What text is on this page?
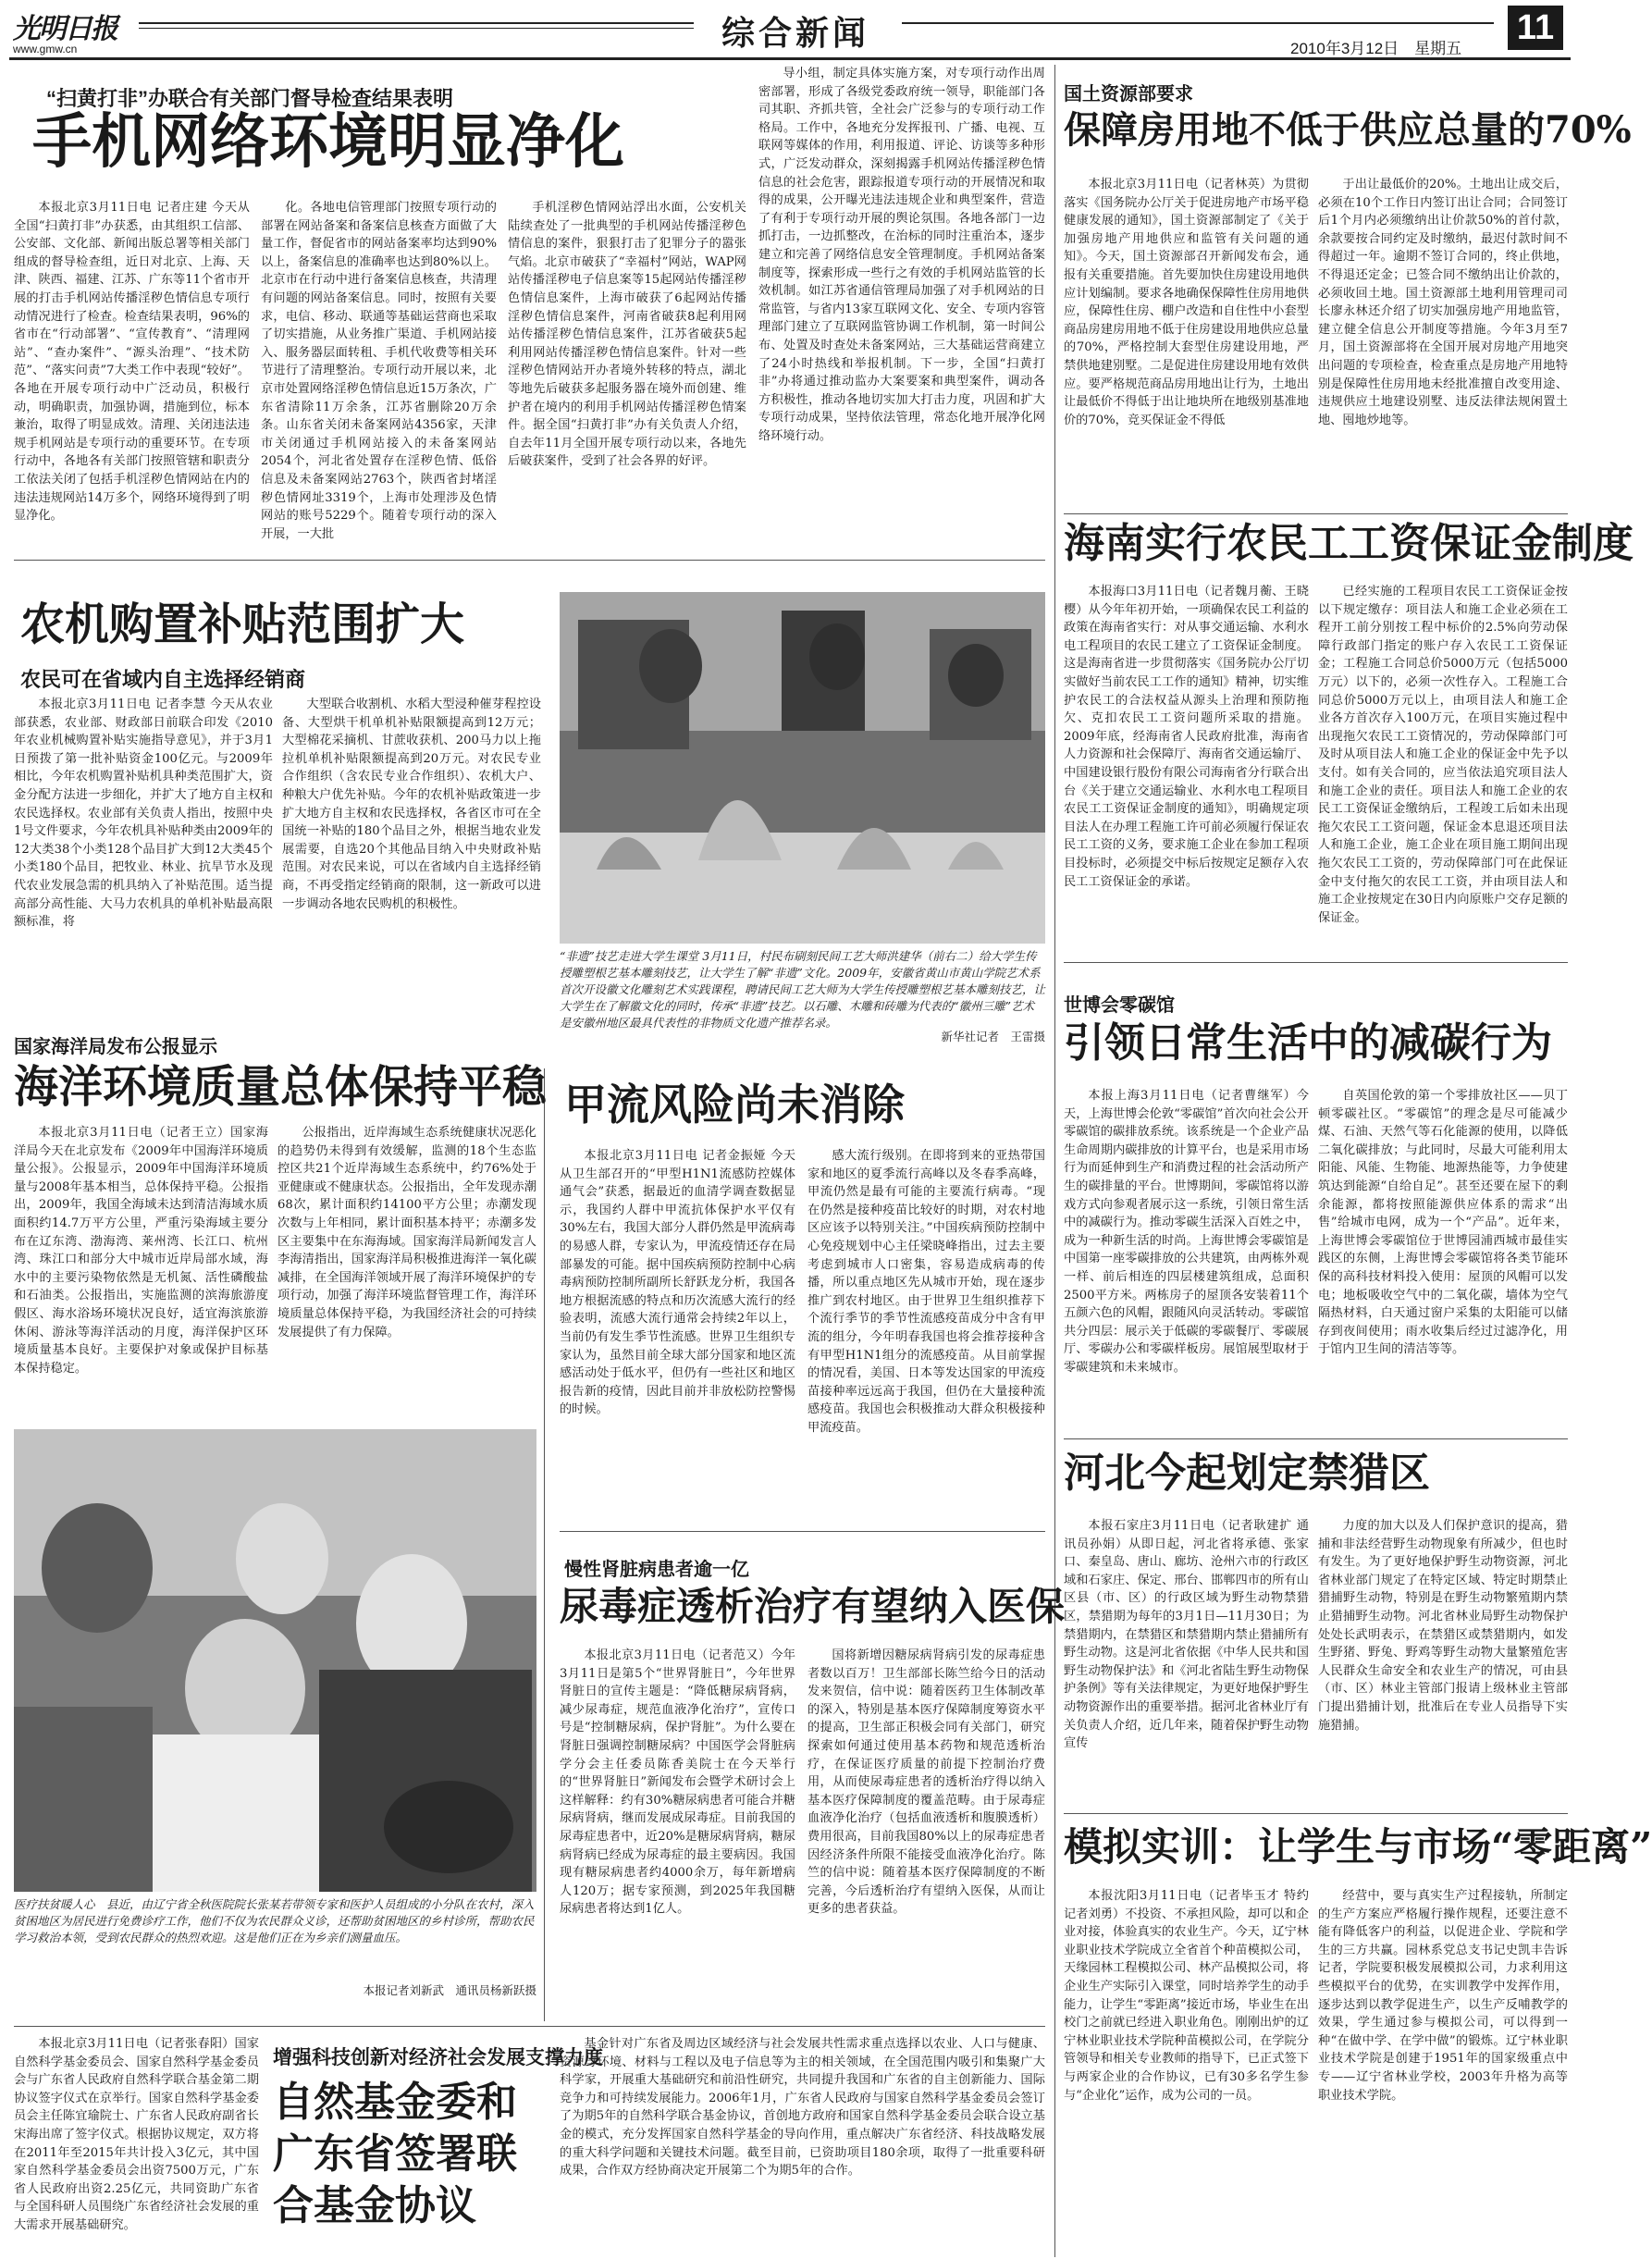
光明日报
www.gmw.cn	综合新闻	2010年3月12日　星期五
11
“扫黄打非”办联合有关部门督导检查结果表明
手机网络环境明显净化
本报北京3月11日电 记者庄建 今天从全国“扫黄打非”办获悉，由其组织工信部、公安部、文化部、新闻出版总署等相关部门组成的督导检查组，近日对北京、上海、天津、陕西、福建、江苏、广东等11个省市开展的打击手机网站传播淫秽色情信息专项行动情况进行了检查。检查结果表明，96%的省市在“行动部署”、“宣传教育”、“清理网站”、“查办案件”、“源头治理”、“技术防范”、“落实问责”7大类工作中表现“较好”。各地在开展专项行动中广泛动员，积极行动，明确职责，加强协调，措施到位，标本兼治，取得了明显成效。清理、关闭违法违规手机网站是专项行动的重要环节。在专项行动中，各地各有关部门按照管辖和职责分工依法关闭了包括手机淫秽色情网站在内的违法违规网站14万多个，网络环境得到了明显净化。
化。各地电信管理部门按照专项行动的部署在网站备案和备案信息核查方面做了大量工作，督促省市的网站备案率均达到90%以上，备案信息的准确率也达到80%以上。北京市在行动中进行备案信息核查，共清理有问题的网站备案信息。同时，按照有关要求，电信、移动、联通等基础运营商也采取了切实措施，从业务推广渠道、手机网站接入、服务器层面转租、手机代收费等相关环节进行了清理整治。专项行动开展以来，北京市处置网络淫秽色情信息近15万条次，广东省清除11万余条，江苏省删除20万余条。山东省关闭未备案网站4356家，天津市关闭通过手机网站接入的未备案网站2054个，河北省处置存在淫秽色情、低俗信息及未备案网站2763个，陕西省封堵淫秽色情网址3319个，上海市处理涉及色情网站的账号5229个。随着专项行动的深入开展，一大批
手机淫秽色情网站浮出水面，公安机关陆续查处了一批典型的手机网站传播淫秽色情信息的案件，狠狠打击了犯罪分子的嚣张气焰。北京市破获了“幸福村”网站，WAP网站传播淫秽电子信息案等15起网站传播淫秽色情信息案件，上海市破获了6起网站传播淫秽色情信息案件，河南省破获8起利用网站传播淫秽色情信息案件，江苏省破获5起利用网站传播淫秽色情信息案件。针对一些淫秽色情网站开办者境外转移的特点，湖北等地先后破获多起服务器在境外而创建、维护者在境内的利用手机网站传播淫秽色情案件。据全国“扫黄打非”办有关负责人介绍，自去年11月全国开展专项行动以来，各地先后破获案件，受到了社会各界的好评。
导小组，制定具体实施方案，对专项行动作出周密部署，形成了各级党委政府统一领导，职能部门各司其职、齐抓共管，全社会广泛参与的专项行动工作格局。工作中，各地充分发挥报刊、广播、电视、互联网等媒体的作用，利用报道、评论、访谈等多种形式，广泛发动群众，深刻揭露手机网站传播淫秽色情信息的社会危害，跟踪报道专项行动的开展情况和取得的成果，公开曝光违法违规企业和典型案件，营造了有利于专项行动开展的舆论氛围。各地各部门一边抓打击，一边抓整改，在治标的同时注重治本，逐步建立和完善了网络信息安全管理制度。手机网站备案制度等，探索形成一些行之有效的手机网站监管的长效机制。如江苏省通信管理局加强了对手机网站的日常监管，与省内13家互联网文化、安全、专项内容管理部门建立了互联网监管协调工作机制，第一时间公布、处置及时查处未备案网站，三大基础运营商建立了24小时热线和举报机制。下一步，全国“扫黄打非”办将通过推动监办大案要案和典型案件，调动各方积极性，推动各地切实加大打击力度，巩固和扩大专项行动成果，坚持依法管理，常态化地开展净化网络环境行动。
国土资源部要求
保障房用地不低于供应总量的70%
本报北京3月11日电（记者林英）为贯彻落实《国务院办公厅关于促进房地产市场平稳健康发展的通知》，国土资源部制定了《关于加强房地产用地供应和监管有关问题的通知》。今天，国土资源部召开新闻发布会，通报有关重要措施。首先要加快住房建设用地供应计划编制。要求各地确保保障性住房用地供应，保障性住房、棚户改造和自住性中小套型商品房建房用地不低于住房建设用地供应总量的70%，严格控制大套型住房建设用地，严禁供地建别墅。二是促进住房建设用地有效供应。要严格规范商品房用地出让行为，土地出让最低价不得低于出让地块所在地级别基准地价的70%，竞买保证金不得低
于出让最低价的20%。土地出让成交后，必须在10个工作日内签订出让合同；合同签订后1个月内必须缴纳出让价款50%的首付款，余款要按合同约定及时缴纳，最迟付款时间不得超过一年。逾期不签订合同的，终止供地，不得退还定金；已签合同不缴纳出让价款的，必须收回土地。国土资源部土地利用管理司司长廖永林还介绍了切实加强房地产用地监管，建立健全信息公开制度等措施。今年3月至7月，国土资源部将在全国开展对房地产用地突出问题的专项检查，检查重点是房地产用地特别是保障性住房用地未经批准擅自改变用途、违规供应土地建设别墅、违反法律法规闲置土地、囤地炒地等。
海南实行农民工工资保证金制度
本报海口3月11日电（记者魏月蘅、王晓樱）从今年年初开始，一项确保农民工利益的政策在海南省实行：对从事交通运输、水利水电工程项目的农民工建立了工资保证金制度。这是海南省进一步贯彻落实《国务院办公厅切实做好当前农民工工作的通知》精神，切实维护农民工的合法权益从源头上治理和预防拖欠、克扣农民工工资问题所采取的措施。2009年底，经海南省人民政府批准，海南省人力资源和社会保障厅、海南省交通运输厅、中国建设银行股份有限公司海南省分行联合出台《关于建立交通运输业、水利水电工程项目农民工工资保证金制度的通知》，明确规定项目法人在办理工程施工许可前必须履行保证农民工工资的义务，要求施工企业在参加工程项目投标时，必须提交中标后按规定足额存入农民工工资保证金的承诺。
已经实施的工程项目农民工工资保证金按以下规定缴存：项目法人和施工企业必须在工程开工前分别按工程中标价的2.5%向劳动保障行政部门指定的账户存入农民工工资保证金；工程施工合同总价5000万元（包括5000万元）以下的，必须一次性存入。工程施工合同总价5000万元以上，由项目法人和施工企业各方首次存入100万元，在项目实施过程中出现拖欠农民工工资情况的，劳动保障部门可及时从项目法人和施工企业的保证金中先予以支付。如有关合同的，应当依法追究项目法人和施工企业的责任。项目法人和施工企业的农民工工资保证金缴纳后，工程竣工后如未出现拖欠农民工工资问题，保证金本息退还项目法人和施工企业，施工企业在项目施工期间出现拖欠农民工工资的，劳动保障部门可在此保证金中支付拖欠的农民工工资，并由项目法人和施工企业按规定在30日内向原账户交存足额的保证金。
世博会零碳馆
引领日常生活中的减碳行为
本报上海3月11日电（记者曹继军）今天，上海世博会伦敦“零碳馆”首次向社会公开零碳馆的碳排放系统。该系统是一个企业产品生命周期内碳排放的计算平台，也是采用市场行为而延伸到生产和消费过程的社会活动所产生的碳排量的平台。世博期间，零碳馆将以游戏方式向参观者展示这一系统，引领日常生活中的减碳行为。推动零碳生活深入百姓之中，成为一种新生活的时尚。上海世博会零碳馆是中国第一座零碳排放的公共建筑，由两栋外观一样、前后相连的四层楼建筑组成，总面积2500平方米。两栋房子的屋顶各安装着11个五颜六色的风帽，跟随风向灵活转动。零碳馆共分四层：展示关于低碳的零碳餐厅、零碳展厅、零碳办公和零碳样板房。展馆展型取材于零碳建筑和未来城市。
自英国伦敦的第一个零排放社区——贝丁顿零碳社区。“零碳馆”的理念是尽可能减少煤、石油、天然气等石化能源的使用，以降低二氧化碳排放；与此同时，尽最大可能利用太阳能、风能、生物能、地源热能等，力争使建筑达到能源“自给自足”。甚至还要在屋下的剩余能源，都将按照能源供应体系的需求“出售”给城市电网，成为一个“产品”。近年来，上海世博会零碳馆位于世博园浦西城市最佳实践区的东侧，上海世博会零碳馆将各类节能环保的高科技材料投入使用：屋顶的风帽可以发电；地板吸收空气中的二氧化碳，墙体为空气隔热材料，白天通过窗户采集的太阳能可以储存到夜间使用；雨水收集后经过过滤净化，用于馆内卫生间的清洁等等。
河北今起划定禁猎区
本报石家庄3月11日电（记者耿建扩 通讯员孙娟）从即日起，河北省将承德、张家口、秦皇岛、唐山、廊坊、沧州六市的行政区域和石家庄、保定、邢台、邯郸四市的所有山区县（市、区）的行政区域为野生动物禁猎区，禁猎期为每年的3月1日—11月30日；为禁猎期内，在禁猎区和禁猎期内禁止猎捕所有野生动物。这是河北省依据《中华人民共和国野生动物保护法》和《河北省陆生野生动物保护条例》等有关法律规定，为更好地保护野生动物资源作出的重要举措。据河北省林业厅有关负责人介绍，近几年来，随着保护野生动物宣传
力度的加大以及人们保护意识的提高，猎捕和非法经营野生动物现象有所减少，但也时有发生。为了更好地保护野生动物资源，河北省林业部门规定了在特定区域、特定时期禁止猎捕野生动物，特别是在野生动物繁殖期内禁止猎捕野生动物。河北省林业局野生动物保护处处长武明表示，在禁猎区或禁猎期内，如发生野猪、野兔、野鸡等野生动物大量繁殖危害人民群众生命安全和农业生产的情况，可由县（市、区）林业主管部门报请上级林业主管部门提出猎捕计划，批准后在专业人员指导下实施猎捕。
模拟实训：让学生与市场“零距离”
本报沈阳3月11日电（记者毕玉才 特约记者刘勇）不投资、不承担风险，却可以和企业对接，体验真实的农业生产。今天，辽宁林业职业技术学院成立全省首个种苗模拟公司，天缘园林工程模拟公司、林产品模拟公司，将企业生产实际引入课堂，同时培养学生的动手能力，让学生“零距离”接近市场，毕业生在出校门之前就已经进入职业角色。刚刚出炉的辽宁林业职业技术学院种苗模拟公司，在学院分管领导和相关专业教师的指导下，已正式签下与两家企业的合作协议，已有30多名学生参与“企业化”运作，成为公司的一员。
经营中，要与真实生产过程接轨，所制定的生产方案应严格履行操作规程，还要注意不能有降低客户的利益，以促进企业、学院和学生的三方共赢。园林系党总支书记史凯丰告诉记者，学院要积极发展模拟公司，力求利用这些模拟平台的优势，在实训教学中发挥作用，逐步达到以教学促进生产，以生产反哺教学的效果，学生通过参与模拟公司，可以得到一种“在做中学、在学中做”的锻炼。辽宁林业职业技术学院是创建于1951年的国家级重点中专——辽宁省林业学校，2003年升格为高等职业技术学院。
农机购置补贴范围扩大
农民可在省域内自主选择经销商
本报北京3月11日电 记者李慧 今天从农业部获悉，农业部、财政部日前联合印发《2010年农业机械购置补贴实施指导意见》，并于3月1日预拨了第一批补贴资金100亿元。与2009年相比，今年农机购置补贴机具种类范围扩大，资金分配方法进一步细化，并扩大了地方自主权和农民选择权。农业部有关负责人指出，按照中央1号文件要求，今年农机具补贴种类由2009年的12大类38个小类128个品目扩大到12大类45个小类180个品目，把牧业、林业、抗旱节水及现代农业发展急需的机具纳入了补贴范围。适当提高部分高性能、大马力农机具的单机补贴最高限额标准，将
大型联合收割机、水稻大型浸种催芽程控设备、大型烘干机单机补贴限额提高到12万元；大型棉花采摘机、甘蔗收获机、200马力以上拖拉机单机补贴限额提高到20万元。对农民专业合作组织（含农民专业合作组织）、农机大户、种粮大户优先补贴。今年的农机补贴政策进一步扩大地方自主权和农民选择权，各省区市可在全国统一补贴的180个品目之外，根据当地农业发展需要，自选20个其他品目纳入中央财政补贴范围。对农民来说，可以在省域内自主选择经销商，不再受指定经销商的限制，这一新政可以进一步调动各地农民购机的积极性。
“非遗”技艺走进大学生课堂 3月11日，村民布刷刻民间工艺大师洪建华（前右二）给大学生传授雕塑根艺基本雕刻技艺，让大学生了解“非遗”文化。2009年，安徽省黄山市黄山学院艺术系首次开设徽文化雕刻艺术实践课程，聘请民间工艺大师为大学生传授雕塑根艺基本雕刻技艺，让大学生在了解徽文化的同时，传承“非遗”技艺。以石雕、木雕和砖雕为代表的“徽州三雕”艺术是安徽州地区最具代表性的非物质文化遗产推荐名录。
新华社记者　王雷摄
国家海洋局发布公报显示
海洋环境质量总体保持平稳
本报北京3月11日电（记者王立）国家海洋局今天在北京发布《2009年中国海洋环境质量公报》。公报显示，2009年中国海洋环境质量与2008年基本相当，总体保持平稳。公报指出，2009年，我国全海域未达到清洁海域水质面积约14.7万平方公里，严重污染海域主要分布在辽东湾、渤海湾、莱州湾、长江口、杭州湾、珠江口和部分大中城市近岸局部水域，海水中的主要污染物依然是无机氮、活性磷酸盐和石油类。公报指出，实施监测的滨海旅游度假区、海水浴场环境状况良好，适宜海滨旅游休闲、游泳等海洋活动的月度，海洋保护区环境质量基本良好。主要保护对象或保护目标基本保持稳定。
公报指出，近岸海域生态系统健康状况恶化的趋势仍未得到有效缓解，监测的18个生态监控区共21个近岸海域生态系统中，约76%处于亚健康或不健康状态。公报指出，全年发现赤潮68次，累计面积约14100平方公里；赤潮发现次数与上年相同，累计面积基本持平；赤潮多发区主要集中在东海海域。国家海洋局新闻发言人李海清指出，国家海洋局积极推进海洋一氧化碳减排，在全国海洋领域开展了海洋环境保护的专项行动，加强了海洋环境监督管理工作，海洋环境质量总体保持平稳，为我国经济社会的可持续发展提供了有力保障。
甲流风险尚未消除
本报北京3月11日电 记者金振娅 今天从卫生部召开的“甲型H1N1流感防控媒体通气会”获悉，据最近的血清学调查数据显示，我国约人群中甲流抗体保护水平仅有30%左右，我国大部分人群仍然是甲流病毒的易感人群，专家认为，甲流疫情还存在局部暴发的可能。据中国疾病预防控制中心病毒病预防控制所副所长舒跃龙分析，我国各地方根据流感的特点和历次流感大流行的经验表明，流感大流行通常会持续2年以上，当前仍有发生季节性流感。世界卫生组织专家认为，虽然目前全球大部分国家和地区流感活动处于低水平，但仍有一些社区和地区报告新的疫情，因此目前并非放松防控警惕的时候。
感大流行级别。在即将到来的亚热带国家和地区的夏季流行高峰以及冬春季高峰，甲流仍然是最有可能的主要流行病毒。“现在仍然是接种疫苗比较好的时期，对农村地区应该予以特别关注。”中国疾病预防控制中心免疫规划中心主任梁晓峰指出，过去主要考虑到城市人口密集，容易造成病毒的传播，所以重点地区先从城市开始，现在逐步推广到农村地区。由于世界卫生组织推荐下个流行季节的季节性流感疫苗成分中含有甲流的组分，今年明春我国也将会推荐接种含有甲型H1N1组分的流感疫苗。从目前掌握的情况看，美国、日本等发达国家的甲流疫苗接种率远远高于我国，但仍在大量接种流感疫苗。我国也会积极推动大群众积极接种甲流疫苗。
医疗扶贫暖人心　县近，由辽宁省全秋医院院长张某若带领专家和医护人员组成的小分队在农村，深入贫困地区为居民进行免费诊疗工作，他们不仅为农民群众义诊，还帮助贫困地区的乡村诊所，帮助农民学习救治本领，受到农民群众的热烈欢迎。这是他们正在为乡亲们测量血压。
本报记者刘新武　通讯员杨新跃摄
慢性肾脏病患者逾一亿
尿毒症透析治疗有望纳入医保
本报北京3月11日电（记者范又）今年3月11日是第5个“世界肾脏日”，今年世界肾脏日的宣传主题是：“降低糖尿病肾病，减少尿毒症，规范血液净化治疗”，宣传口号是“控制糖尿病，保护肾脏”。为什么要在肾脏日强调控制糖尿病？中国医学会肾脏病学分会主任委员陈香美院士在今天举行的“世界肾脏日”新闻发布会暨学术研讨会上这样解释：约有30%糖尿病患者可能合并糖尿病肾病，继而发展成尿毒症。目前我国的尿毒症患者中，近20%是糖尿病肾病，糖尿病肾病已经成为尿毒症的最主要病因。我国现有糖尿病患者约4000余万，每年新增病人120万；据专家预测，到2025年我国糖尿病患者将达到1亿人。
国将新增因糖尿病肾病引发的尿毒症患者数以百万！卫生部部长陈竺给今日的活动发来贺信，信中说：随着医药卫生体制改革的深入，特别是基本医疗保障制度筹资水平的提高，卫生部正积极会同有关部门，研究探索如何通过使用基本药物和规范透析治疗，在保证医疗质量的前提下控制治疗费用，从而使尿毒症患者的透析治疗得以纳入基本医疗保障制度的覆盖范畴。由于尿毒症血液净化治疗（包括血液透析和腹膜透析）费用很高，目前我国80%以上的尿毒症患者因经济条件所限不能接受血液净化治疗。陈竺的信中说：随着基本医疗保障制度的不断完善，今后透析治疗有望纳入医保，从而让更多的患者获益。
本报北京3月11日电（记者张春阳）国家自然科学基金委员会、国家自然科学基金委员会与广东省人民政府自然科学联合基金第二期协议签字仪式在京举行。国家自然科学基金委员会主任陈宜瑜院士、广东省人民政府副省长宋海出席了签字仪式。根据协议规定，双方将在2011年至2015年共计投入3亿元，其中国家自然科学基金委员会出资7500万元，广东省人民政府出资2.25亿元，共同资助广东省与全国科研人员围绕广东省经济社会发展的重大需求开展基础研究。
增强科技创新对经济社会发展支撑力度
自然基金委和广东省签署联合基金协议
基金针对广东省及周边区域经济与社会发展共性需求重点选择以农业、人口与健康、资源与环境、材料与工程以及电子信息等为主的相关领域，在全国范围内吸引和集聚广大科学家，开展重大基础研究和前沿性研究，共同提升我国和广东省的自主创新能力、国际竞争力和可持续发展能力。2006年1月，广东省人民政府与国家自然科学基金委员会签订了为期5年的自然科学联合基金协议，首创地方政府和国家自然科学基金委员会联合设立基金的模式，充分发挥国家自然科学基金的导向作用，重点解决广东省经济、科技战略发展的重大科学问题和关键技术问题。截至目前，已资助项目180余项，取得了一批重要科研成果，合作双方经协商决定开展第二个为期5年的合作。
